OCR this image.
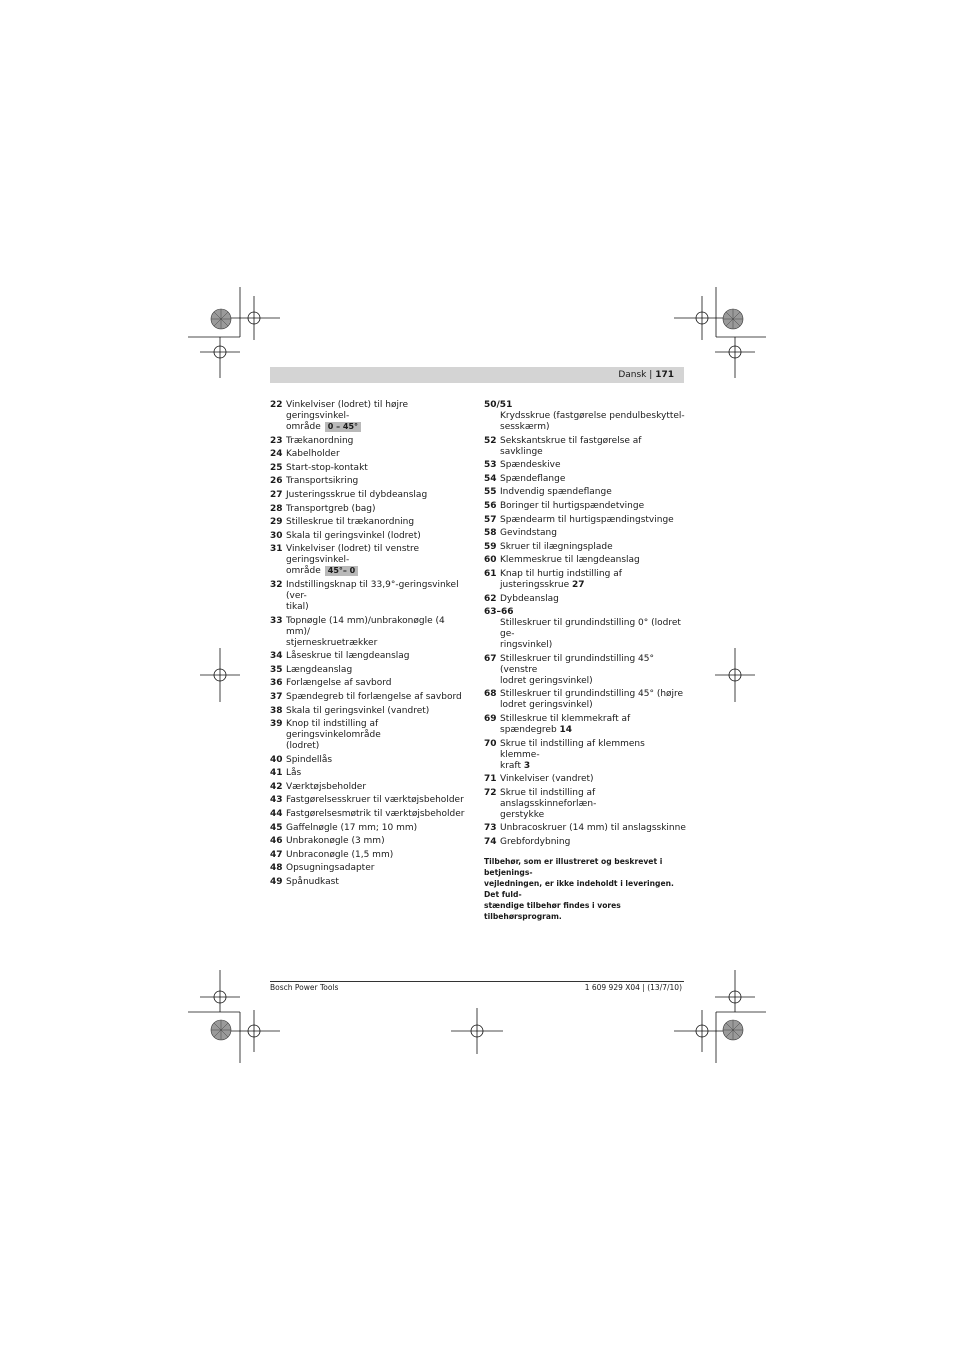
Dansk | 171
22 Vinkelviser (lodret) til højre geringsvinkel-
område 0 – 45°
23 Trækanordning
24 Kabelholder
25 Start-stop-kontakt
26 Transportsikring
27 Justeringsskrue til dybdeanslag
28 Transportgreb (bag)
29 Stilleskrue til trækanordning
30 Skala til geringsvinkel (lodret)
31 Vinkelviser (lodret) til venstre geringsvinkel-
område 45°– 0
32 Indstillingsknap til 33,9°-geringsvinkel (ver-
tikal)
33 Topnøgle (14 mm)/unbrakonøgle (4 mm)/
stjerneskruetrækker
34 Låseskrue til længdeanslag
35 Længdeanslag
36 Forlængelse af savbord
37 Spændegreb til forlængelse af savbord
38 Skala til geringsvinkel (vandret)
39 Knop til indstilling af geringsvinkelområde
(lodret)
40 Spindellås
41 Lås
42 Værktøjsbeholder
43 Fastgørelsesskruer til værktøjsbeholder
44 Fastgørelsesmøtrik til værktøjsbeholder
45 Gaffelnøgle (17 mm; 10 mm)
46 Unbrakonøgle (3 mm)
47 Unbraconøgle (1,5 mm)
48 Opsugningsadapter
49 Spånudkast
50/51
Krydsskrue (fastgørelse pendulbeskyttel-
sesskærm)
52 Sekskantskrue til fastgørelse af savklinge
53 Spændeskive
54 Spændeflange
55 Indvendig spændeflange
56 Boringer til hurtigspændetvinge
57 Spændearm til hurtigspændingstvinge
58 Gevindstang
59 Skruer til ilægningsplade
60 Klemmeskrue til længdeanslag
61 Knap til hurtig indstilling af
justeringsskrue 27
62 Dybdeanslag
63–66
Stilleskruer til grundindstilling 0° (lodret ge-
ringsvinkel)
67 Stilleskruer til grundindstilling 45° (venstre
lodret geringsvinkel)
68 Stilleskruer til grundindstilling 45° (højre
lodret geringsvinkel)
69 Stilleskrue til klemmekraft af
spændegreb 14
70 Skrue til indstilling af klemmens klemme-
kraft 3
71 Vinkelviser (vandret)
72 Skrue til indstilling af anslagsskinneforlæn-
gerstykke
73 Unbracoskruer (14 mm) til anslagsskinne
74 Grebfordybning
Tilbehør, som er illustreret og beskrevet i betjenings-
vejledningen, er ikke indeholdt i leveringen. Det fuld-
stændige tilbehør findes i vores tilbehørsprogram.
Bosch Power Tools	1 609 929 X04 | (13/7/10)
